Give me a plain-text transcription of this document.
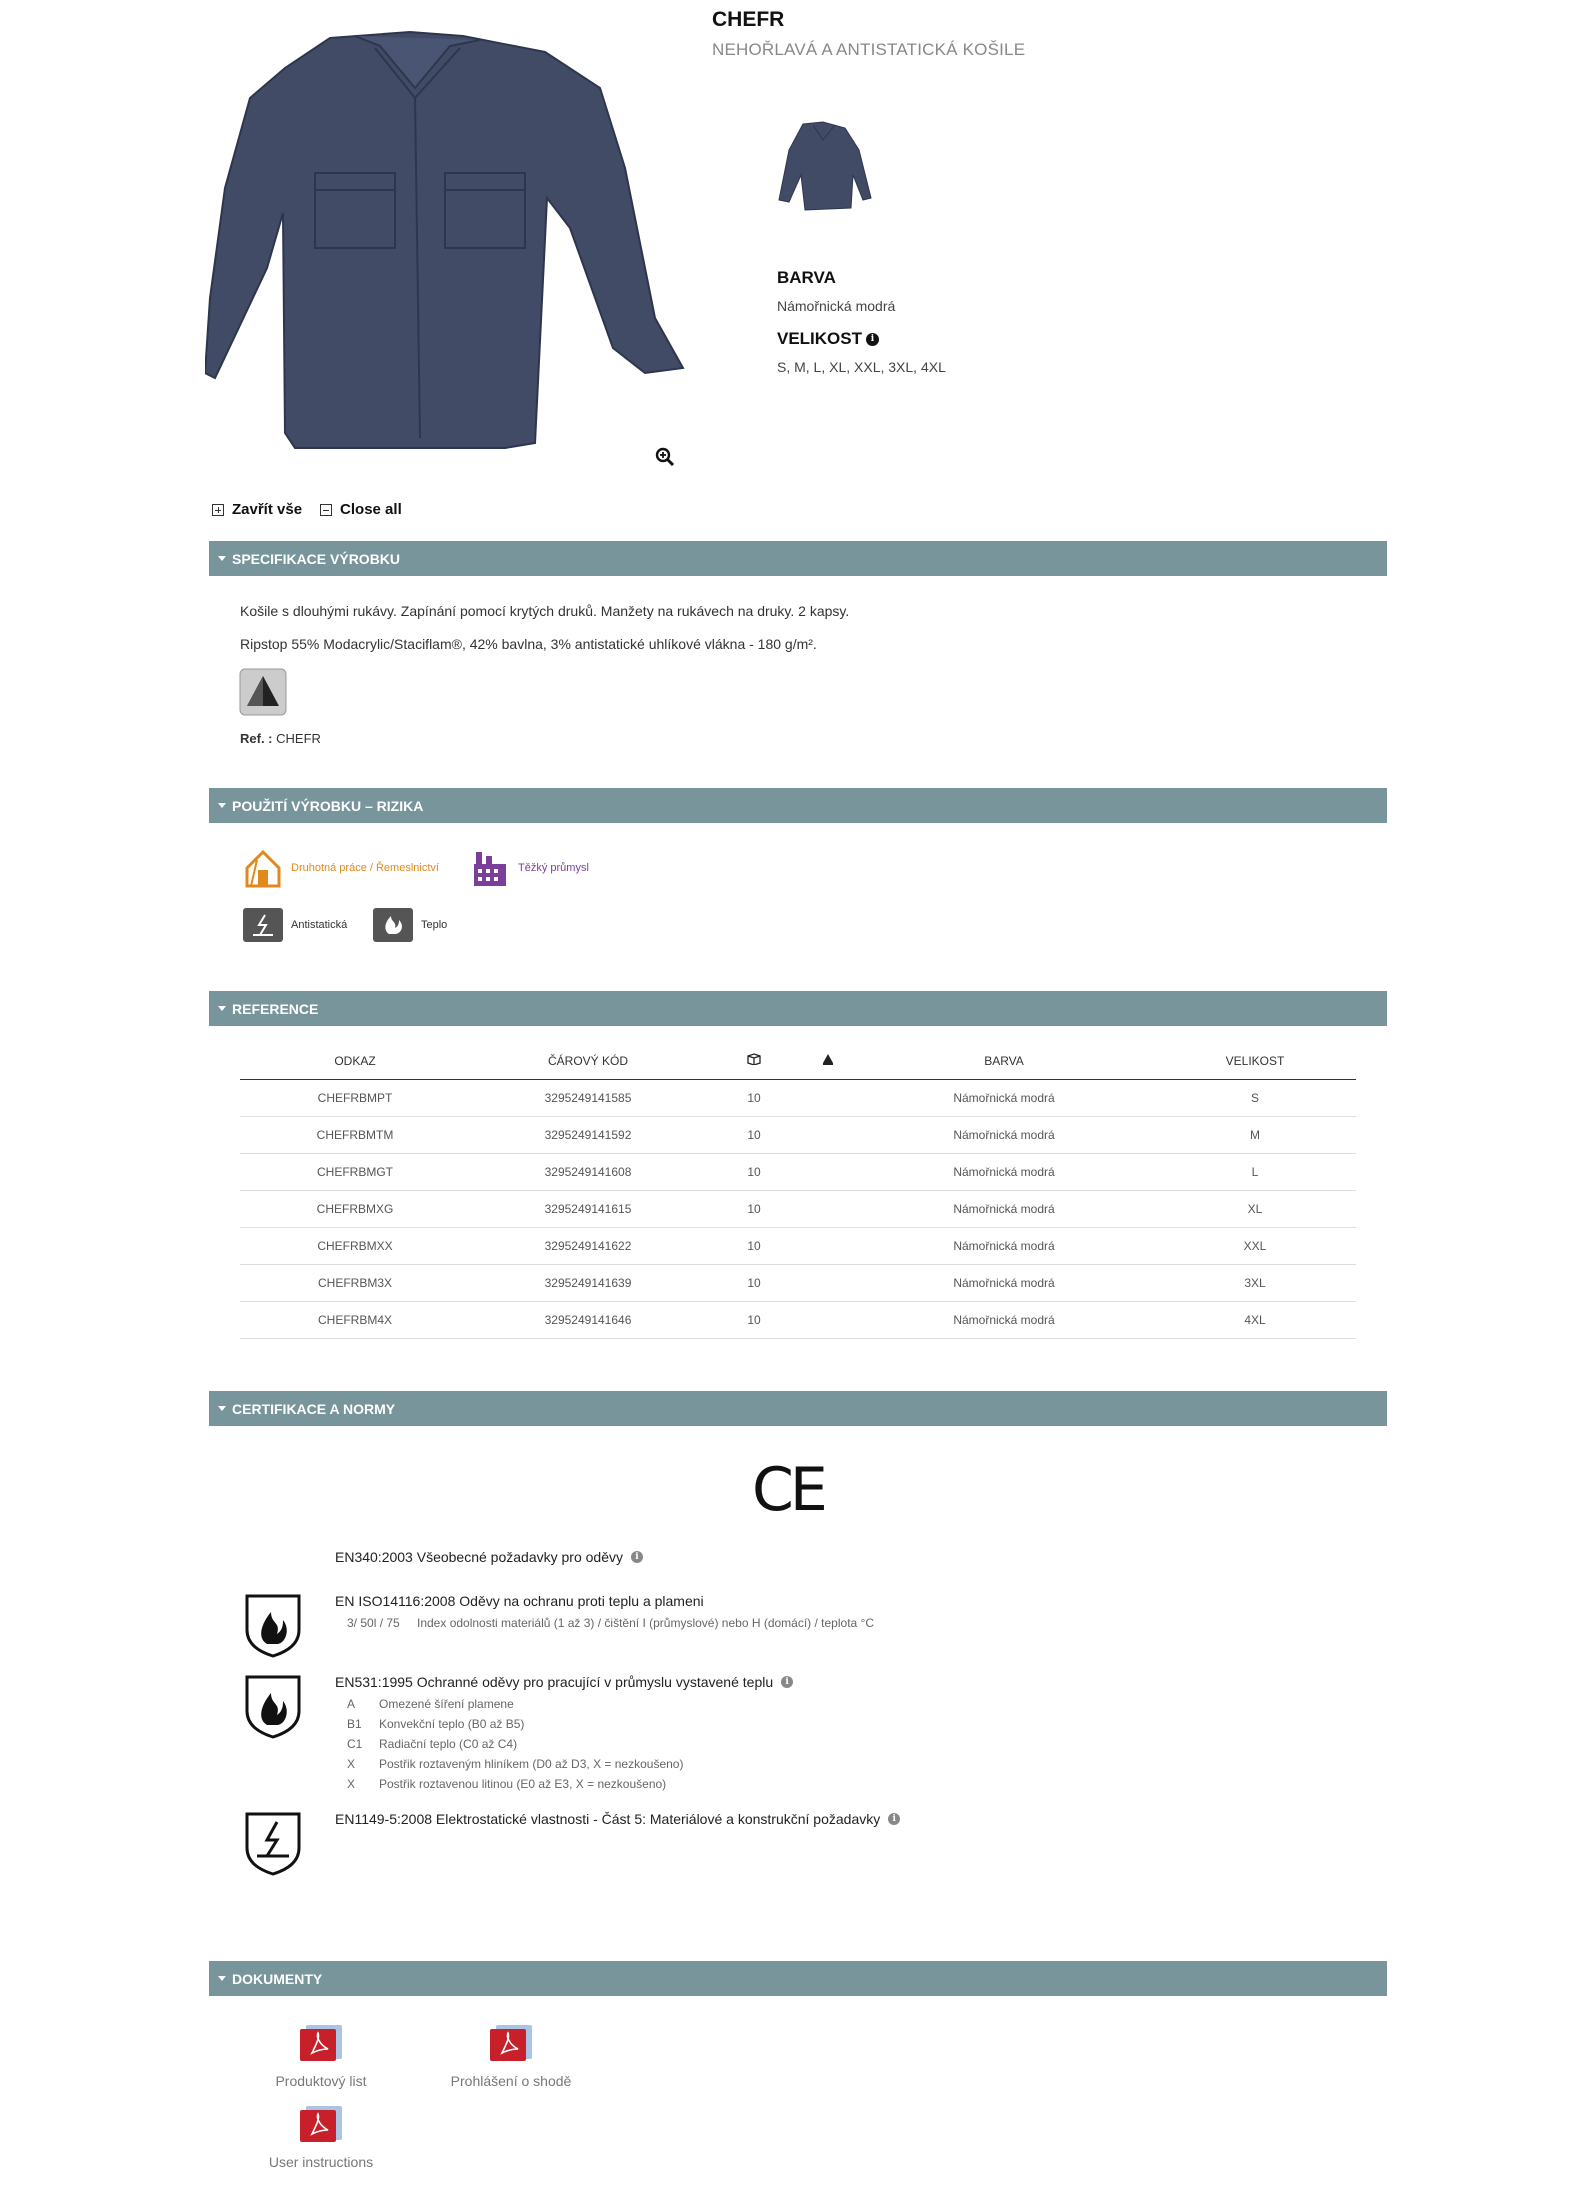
CHEFR
NEHOŘLAVÁ A ANTISTATICKÁ KOŠILE
BARVA
Námořnická modrá
VELIKOST i
S, M, L, XL, XXL, 3XL, 4XL
Zavřít vše	Close all
SPECIFIKACE VÝROBKU
Košile s dlouhými rukávy. Zapínání pomocí krytých druků. Manžety na rukávech na druky. 2 kapsy.
Ripstop 55% Modacrylic/Staciflam®, 42% bavlna, 3% antistatické uhlíkové vlákna - 180 g/m².
Ref. : CHEFR
POUŽITÍ VÝROBKU – RIZIKA
Druhotná práce / Řemeslnictví	Těžký průmysl
Antistatická	Teplo
REFERENCE
ODKAZ	ČÁROVÝ KÓD			BARVA	VELIKOST
CHEFRBMPT	3295249141585	10		Námořnická modrá	S
CHEFRBMTM	3295249141592	10		Námořnická modrá	M
CHEFRBMGT	3295249141608	10		Námořnická modrá	L
CHEFRBMXG	3295249141615	10		Námořnická modrá	XL
CHEFRBMXX	3295249141622	10		Námořnická modrá	XXL
CHEFRBM3X	3295249141639	10		Námořnická modrá	3XL
CHEFRBM4X	3295249141646	10		Námořnická modrá	4XL
CERTIFIKACE A NORMY
CE
EN340:2003 Všeobecné požadavky pro oděvy	i
EN ISO14116:2008 Oděvy na ochranu proti teplu a plameni
3/ 50l / 75	Index odolnosti materiálů (1 až 3) / čištění I (průmyslové) nebo H (domácí) / teplota °C
EN531:1995 Ochranné oděvy pro pracující v průmyslu vystavené teplu	i
A	Omezené šíření plamene
B1	Konvekční teplo (B0 až B5)
C1	Radiační teplo (C0 až C4)
X	Postřik roztaveným hliníkem (D0 až D3, X = nezkoušeno)
X	Postřik roztavenou litinou (E0 až E3, X = nezkoušeno)
EN1149-5:2008 Elektrostatické vlastnosti - Část 5: Materiálové a konstrukční požadavky	i
DOKUMENTY
Produktový list	Prohlášení o shodě
User instructions
